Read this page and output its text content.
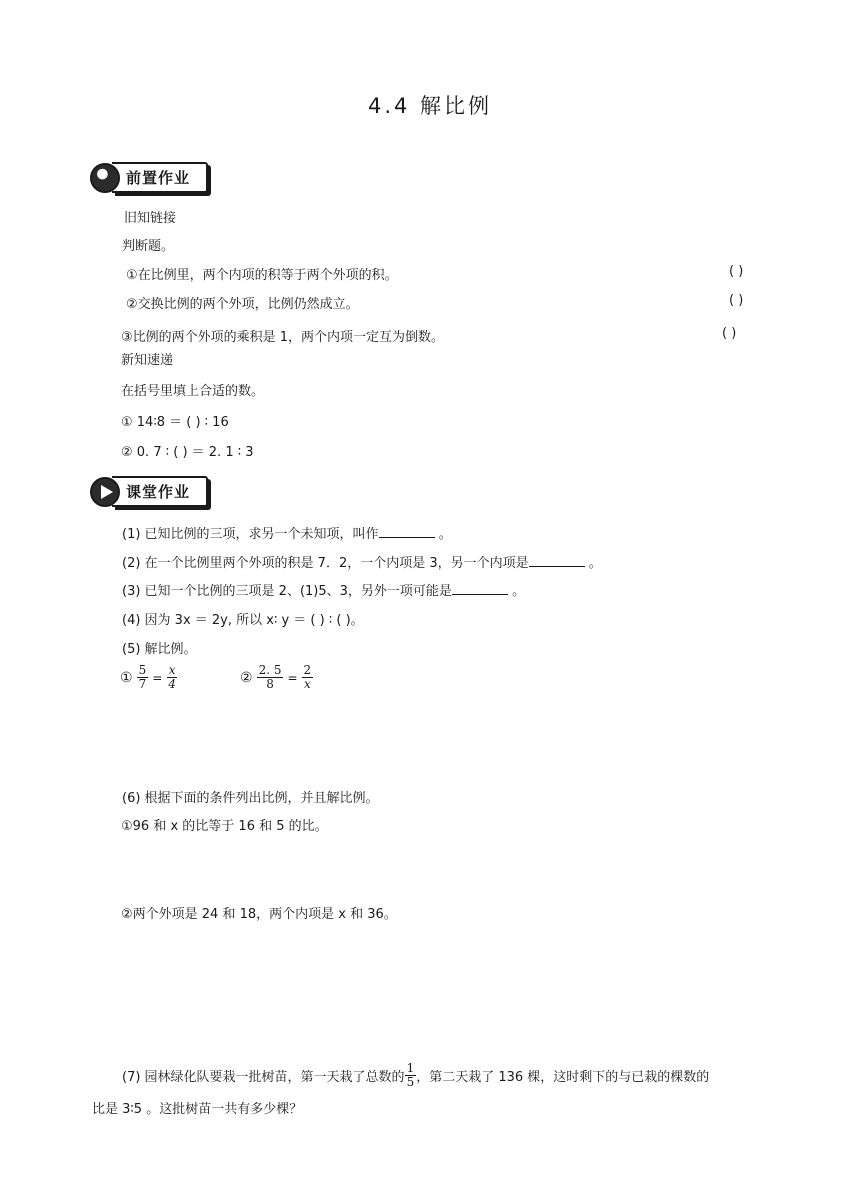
4.4 解比例
前置作业
旧知链接
判断题。
①在比例里，两个内项的积等于两个外项的积。	( )
②交换比例的两个外项，比例仍然成立。	( )
③比例的两个外项的乘积是 1，两个内项一定互为倒数。	( )
新知速递
在括号里填上合适的数。
① 14∶8 ＝ ( ) ∶ 16
② 0. 7 ∶ ( ) ＝ 2. 1 ∶ 3
课堂作业
(1) 已知比例的三项，求另一个未知项，叫作	。
(2) 在一个比例里两个外项的积是 7．2，一个内项是 3，另一个内项是	。
(3) 已知一个比例的三项是 2、(1)5、3，另外一项可能是	。
(4) 因为 3x ＝ 2y, 所以 x∶ y ＝ ( ) ∶ ( )。
(5) 解比例。
① $\frac{5}{7} = \frac{x}{4}$	② $\frac{2. 5}{8} = \frac{2}{x}$
(6) 根据下面的条件列出比例，并且解比例。
①96 和 x 的比等于 16 和 5 的比。
②两个外项是 24 和 18，两个内项是 x 和 36。
(7) 园林绿化队要栽一批树苗，第一天栽了总数的 $\frac{1}{5}$ ，第二天栽了 136 棵，这时剩下的与已栽的棵数的
比是 3∶5 。这批树苗一共有多少棵？
